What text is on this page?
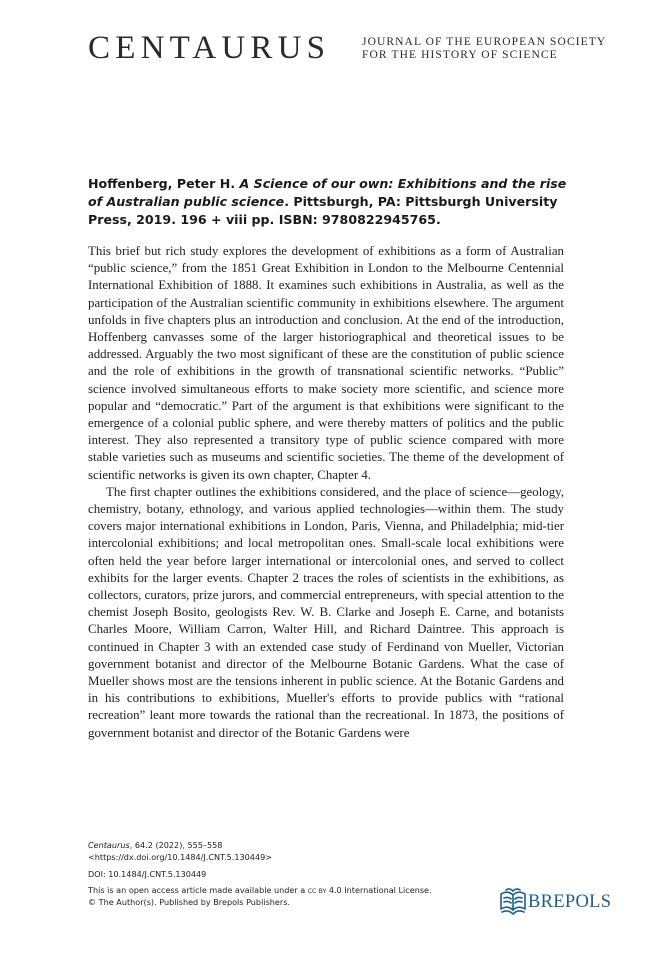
CENTAURUS	JOURNAL OF THE EUROPEAN SOCIETY
FOR THE HISTORY OF SCIENCE
Hoffenberg, Peter H. A Science of our own: Exhibitions and the rise of Australian public science. Pittsburgh, PA: Pittsburgh University Press, 2019. 196 + viii pp. ISBN: 9780822945765.

This brief but rich study explores the development of exhibitions as a form of Australian “public science,” from the 1851 Great Exhibition in London to the Melbourne Centennial International Exhibition of 1888. It examines such exhibitions in Australia, as well as the participation of the Australian scientific community in exhibitions elsewhere. The argument unfolds in five chapters plus an introduction and conclusion. At the end of the introduction, Hoffenberg canvasses some of the larger historiographical and theoretical issues to be addressed. Arguably the two most significant of these are the constitution of public science and the role of exhibitions in the growth of transnational scientific networks. “Public” science involved simultaneous efforts to make society more scientific, and science more popular and “democratic.” Part of the argument is that exhibitions were significant to the emergence of a colonial public sphere, and were thereby matters of politics and the public interest. They also represented a transitory type of public science compared with more stable varieties such as museums and scientific societies. The theme of the development of scientific networks is given its own chapter, Chapter 4.

The first chapter outlines the exhibitions considered, and the place of science—geology, chemistry, botany, ethnology, and various applied technologies—within them. The study covers major international exhibitions in London, Paris, Vienna, and Philadelphia; mid-tier intercolonial exhibitions; and local metropolitan ones. Small-scale local exhibitions were often held the year before larger international or intercolonial ones, and served to collect exhibits for the larger events. Chapter 2 traces the roles of scientists in the exhibitions, as collectors, curators, prize jurors, and commercial entrepreneurs, with special attention to the chemist Joseph Bosito, geologists Rev. W. B. Clarke and Joseph E. Carne, and botanists Charles Moore, William Carron, Walter Hill, and Richard Daintree. This approach is continued in Chapter 3 with an extended case study of Ferdinand von Mueller, Victorian government botanist and director of the Melbourne Botanic Gardens. What the case of Mueller shows most are the tensions inherent in public science. At the Botanic Gardens and in his contributions to exhibitions, Mueller's efforts to provide publics with “rational recreation” leant more towards the rational than the recreational. In 1873, the positions of government botanist and director of the Botanic Gardens were

Centaurus, 64.2 (2022), 555–558
<https://dx.doi.org/10.1484/J.CNT.5.130449>
DOI: 10.1484/J.CNT.5.130449
This is an open access article made available under a cc by 4.0 International License.
© The Author(s). Published by Brepols Publishers.	BREPOLS
